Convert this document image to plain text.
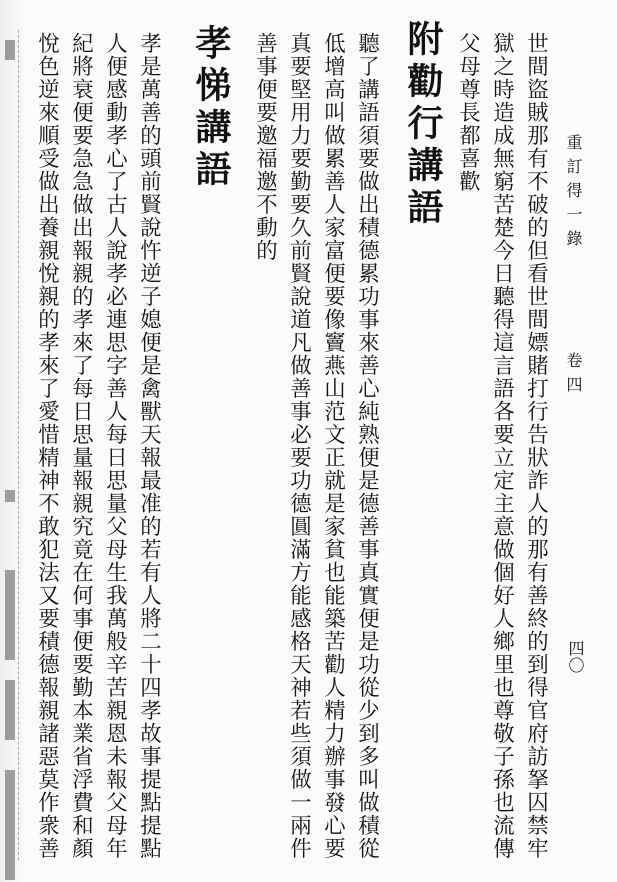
重訂得一錄
卷四
四〇
世間盜賊那有不破的但看世間嫖賭打行告狀詐人的那有善終的到得官府訪拏囚禁牢
獄之時造成無窮苦楚今日聽得這言語各要立定主意做個好人鄉里也尊敬子孫也流傳
父母尊長都喜歡
附勸行講語
聽了講語須要做出積德累功事來善心純熟便是德善事真實便是功從少到多叫做積從
低增高叫做累善人家富便要像竇燕山范文正就是家貧也能築苦勸人精力辦事發心要
真要堅用力要勤要久前賢說道凡做善事必要功德圓滿方能感格天神若些須做一兩件
善事便要邀福邀不動的
孝悌講語
孝是萬善的頭前賢說忤逆子媳便是禽獸天報最准的若有人將二十四孝故事提點提點
人便感動孝心了古人說孝必連思字善人每日思量父母生我萬般辛苦親恩未報父母年
紀將衰便要急急做出報親的孝來了每日思量報親究竟在何事便要勤本業省浮費和顏
悅色逆來順受做出養親悅親的孝來了愛惜精神不敢犯法又要積德報親諸惡莫作衆善
